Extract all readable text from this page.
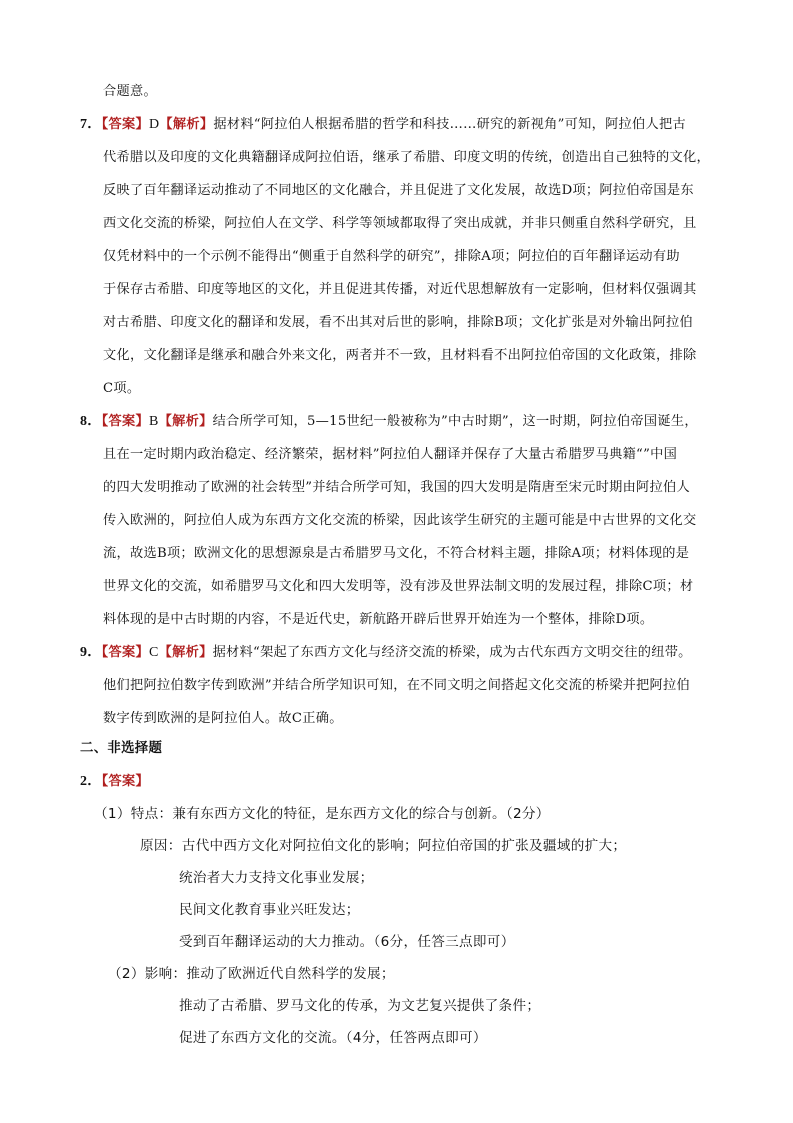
合题意。
7．【答案】D【解析】据材料“阿拉伯人根据希腊的哲学和科技……研究的新视角”可知，阿拉伯人把古
代希腊以及印度的文化典籍翻译成阿拉伯语，继承了希腊、印度文明的传统，创造出自己独特的文化，
反映了百年翻译运动推动了不同地区的文化融合，并且促进了文化发展，故选D项；阿拉伯帝国是东
西文化交流的桥梁，阿拉伯人在文学、科学等领域都取得了突出成就，并非只侧重自然科学研究，且
仅凭材料中的一个示例不能得出“侧重于自然科学的研究”，排除A项；阿拉伯的百年翻译运动有助
于保存古希腊、印度等地区的文化，并且促进其传播，对近代思想解放有一定影响，但材料仅强调其
对古希腊、印度文化的翻译和发展，看不出其对后世的影响，排除B项；文化扩张是对外输出阿拉伯
文化，文化翻译是继承和融合外来文化，两者并不一致，且材料看不出阿拉伯帝国的文化政策，排除
C项。
8．【答案】B【解析】结合所学可知，5—15世纪一般被称为”中古时期”，这一时期，阿拉伯帝国诞生，
且在一定时期内政治稳定、经济繁荣，据材料”阿拉伯人翻译并保存了大量古希腊罗马典籍“”中国
的四大发明推动了欧洲的社会转型”并结合所学可知，我国的四大发明是隋唐至宋元时期由阿拉伯人
传入欧洲的，阿拉伯人成为东西方文化交流的桥梁，因此该学生研究的主题可能是中古世界的文化交
流，故选B项；欧洲文化的思想源泉是古希腊罗马文化，不符合材料主题，排除A项；材料体现的是
世界文化的交流，如希腊罗马文化和四大发明等，没有涉及世界法制文明的发展过程，排除C项；材
料体现的是中古时期的内容，不是近代史，新航路开辟后世界开始连为一个整体，排除D项。
9．【答案】C【解析】据材料“架起了东西方文化与经济交流的桥梁，成为古代东西方文明交往的纽带。
他们把阿拉伯数字传到欧洲”并结合所学知识可知，在不同文明之间搭起文化交流的桥梁并把阿拉伯
数字传到欧洲的是阿拉伯人。故C正确。
二、非选择题
2．【答案】
（1）特点：兼有东西方文化的特征，是东西方文化的综合与创新。（2分）
原因：古代中西方文化对阿拉伯文化的影响；阿拉伯帝国的扩张及疆域的扩大；
统治者大力支持文化事业发展；
民间文化教育事业兴旺发达；
受到百年翻译运动的大力推动。（6分，任答三点即可）
（2）影响：推动了欧洲近代自然科学的发展；
推动了古希腊、罗马文化的传承，为文艺复兴提供了条件；
促进了东西方文化的交流。（4分，任答两点即可）
